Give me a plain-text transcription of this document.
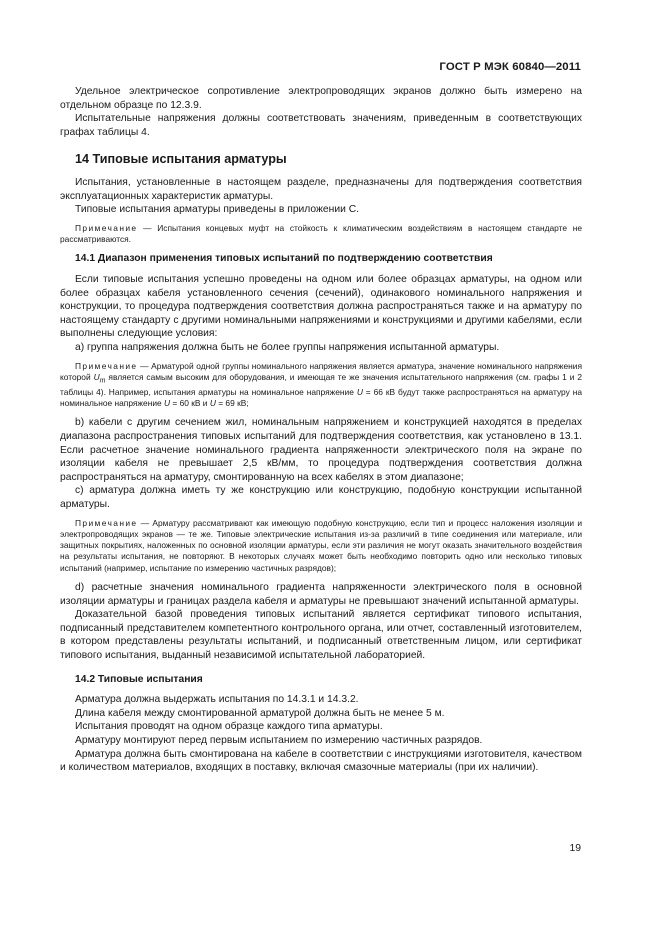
ГОСТ Р МЭК 60840—2011

Удельное электрическое сопротивление электропроводящих экранов должно быть измерено на отдельном образце по 12.3.9.

Испытательные напряжения должны соответствовать значениям, приведенным в соответствующих графах таблицы 4.

14 Типовые испытания арматуры

Испытания, установленные в настоящем разделе, предназначены для подтверждения соответствия эксплуатационных характеристик арматуры.

Типовые испытания арматуры приведены в приложении С.

Примечание — Испытания концевых муфт на стойкость к климатическим воздействиям в настоящем стандарте не рассматриваются.

14.1 Диапазон применения типовых испытаний по подтверждению соответствия

Если типовые испытания успешно проведены на одном или более образцах арматуры, на одном или более образцах кабеля установленного сечения (сечений), одинакового номинального напряжения и конструкции, то процедура подтверждения соответствия должна распространяться также и на арматуру по настоящему стандарту с другими номинальными напряжениями и конструкциями и другими кабелями, если выполнены следующие условия:

а) группа напряжения должна быть не более группы напряжения испытанной арматуры.

Примечание — Арматурой одной группы номинального напряжения является арматура, значение номинального напряжения которой $U_m$ является самым высоким для оборудования, и имеющая те же значения испытательного напряжения (см. графы 1 и 2 таблицы 4). Например, испытания арматуры на номинальное напряжение U = 66 кВ будут также распространяться на арматуру на номинальное напряжение U = 60 кВ и U = 69 кВ;

b) кабели с другим сечением жил, номинальным напряжением и конструкцией находятся в пределах диапазона распространения типовых испытаний для подтверждения соответствия, как установлено в 13.1. Если расчетное значение номинального градиента напряженности электрического поля на экране по изоляции кабеля не превышает 2,5 кВ/мм, то процедура подтверждения соответствия должна распространяться на арматуру, смонтированную на всех кабелях в этом диапазоне;

с) арматура должна иметь ту же конструкцию или конструкцию, подобную конструкции испытанной арматуры.

Примечание — Арматуру рассматривают как имеющую подобную конструкцию, если тип и процесс наложения изоляции и электропроводящих экранов — те же. Типовые электрические испытания из-за различий в типе соединения или материале, или защитных покрытиях, наложенных по основной изоляции арматуры, если эти различия не могут оказать значительного воздействия на результаты испытания, не повторяют. В некоторых случаях может быть необходимо повторить одно или несколько типовых испытаний (например, испытание по измерению частичных разрядов);

d) расчетные значения номинального градиента напряженности электрического поля в основной изоляции арматуры и границах раздела кабеля и арматуры не превышают значений испытанной арматуры.

Доказательной базой проведения типовых испытаний является сертификат типового испытания, подписанный представителем компетентного контрольного органа, или отчет, составленный изготовителем, в котором представлены результаты испытаний, и подписанный ответственным лицом, или сертификат типового испытания, выданный независимой испытательной лабораторией.

14.2 Типовые испытания

Арматура должна выдержать испытания по 14.3.1 и 14.3.2.

Длина кабеля между смонтированной арматурой должна быть не менее 5 м.

Испытания проводят на одном образце каждого типа арматуры.

Арматуру монтируют перед первым испытанием по измерению частичных разрядов.

Арматура должна быть смонтирована на кабеле в соответствии с инструкциями изготовителя, качеством и количеством материалов, входящих в поставку, включая смазочные материалы (при их наличии).

19
